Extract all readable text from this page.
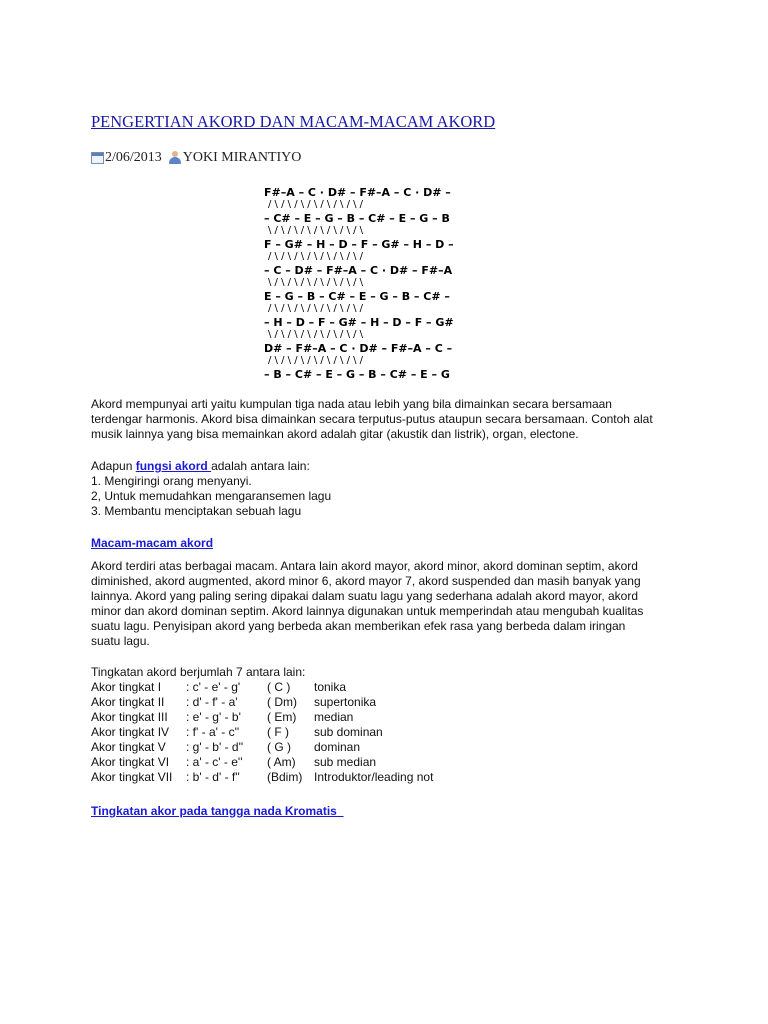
PENGERTIAN AKORD DAN MACAM-MACAM AKORD
2/06/2013 YOKI MIRANTIYO
F#–A – C · D# – F#–A – C · D# –
/ \ / \ / \ / \ / \ / \ / \ /
– C# – E – G – B – C# – E – G – B
\ / \ / \ / \ / \ / \ / \ / \
F – G# – H – D – F – G# – H – D –
/ \ / \ / \ / \ / \ / \ / \ /
– C – D# – F#–A – C · D# – F#–A
\ / \ / \ / \ / \ / \ / \ / \
E – G – B – C# – E – G – B – C# –
/ \ / \ / \ / \ / \ / \ / \ /
– H – D – F – G# – H – D – F – G#
\ / \ / \ / \ / \ / \ / \ / \
D# – F#–A – C · D# – F#–A – C –
/ \ / \ / \ / \ / \ / \ / \ /
– B – C# – E – G – B – C# – E – G
Akord mempunyai arti yaitu kumpulan tiga nada atau lebih yang bila dimainkan secara bersamaan
terdengar harmonis. Akord bisa dimainkan secara terputus-putus ataupun secara bersamaan. Contoh alat
musik lainnya yang bisa memainkan akord adalah gitar (akustik dan listrik), organ, electone.
Adapun fungsi akord adalah antara lain:
1. Mengiringi orang menyanyi.
2, Untuk memudahkan mengaransemen lagu
3. Membantu menciptakan sebuah lagu
Macam-macam akord
Akord terdiri atas berbagai macam. Antara lain akord mayor, akord minor, akord dominan septim, akord
diminished, akord augmented, akord minor 6, akord mayor 7, akord suspended dan masih banyak yang
lainnya. Akord yang paling sering dipakai dalam suatu lagu yang sederhana adalah akord mayor, akord
minor dan akord dominan septim. Akord lainnya digunakan untuk memperindah atau mengubah kualitas
suatu lagu. Penyisipan akord yang berbeda akan memberikan efek rasa yang berbeda dalam iringan
suatu lagu.
Tingkatan akord berjumlah 7 antara lain:
Akor tingkat I : c' - e' - g' ( C ) tonika
Akor tingkat II : d' - f' - a' ( Dm) supertonika
Akor tingkat III : e' - g' - b' ( Em) median
Akor tingkat IV : f' - a' - c'' ( F ) sub dominan
Akor tingkat V : g' - b' - d'' ( G ) dominan
Akor tingkat VI : a' - c' - e'' ( Am) sub median
Akor tingkat VII : b' - d' - f'' (Bdim) Introduktor/leading not
Tingkatan akor pada tangga nada Kromatis
